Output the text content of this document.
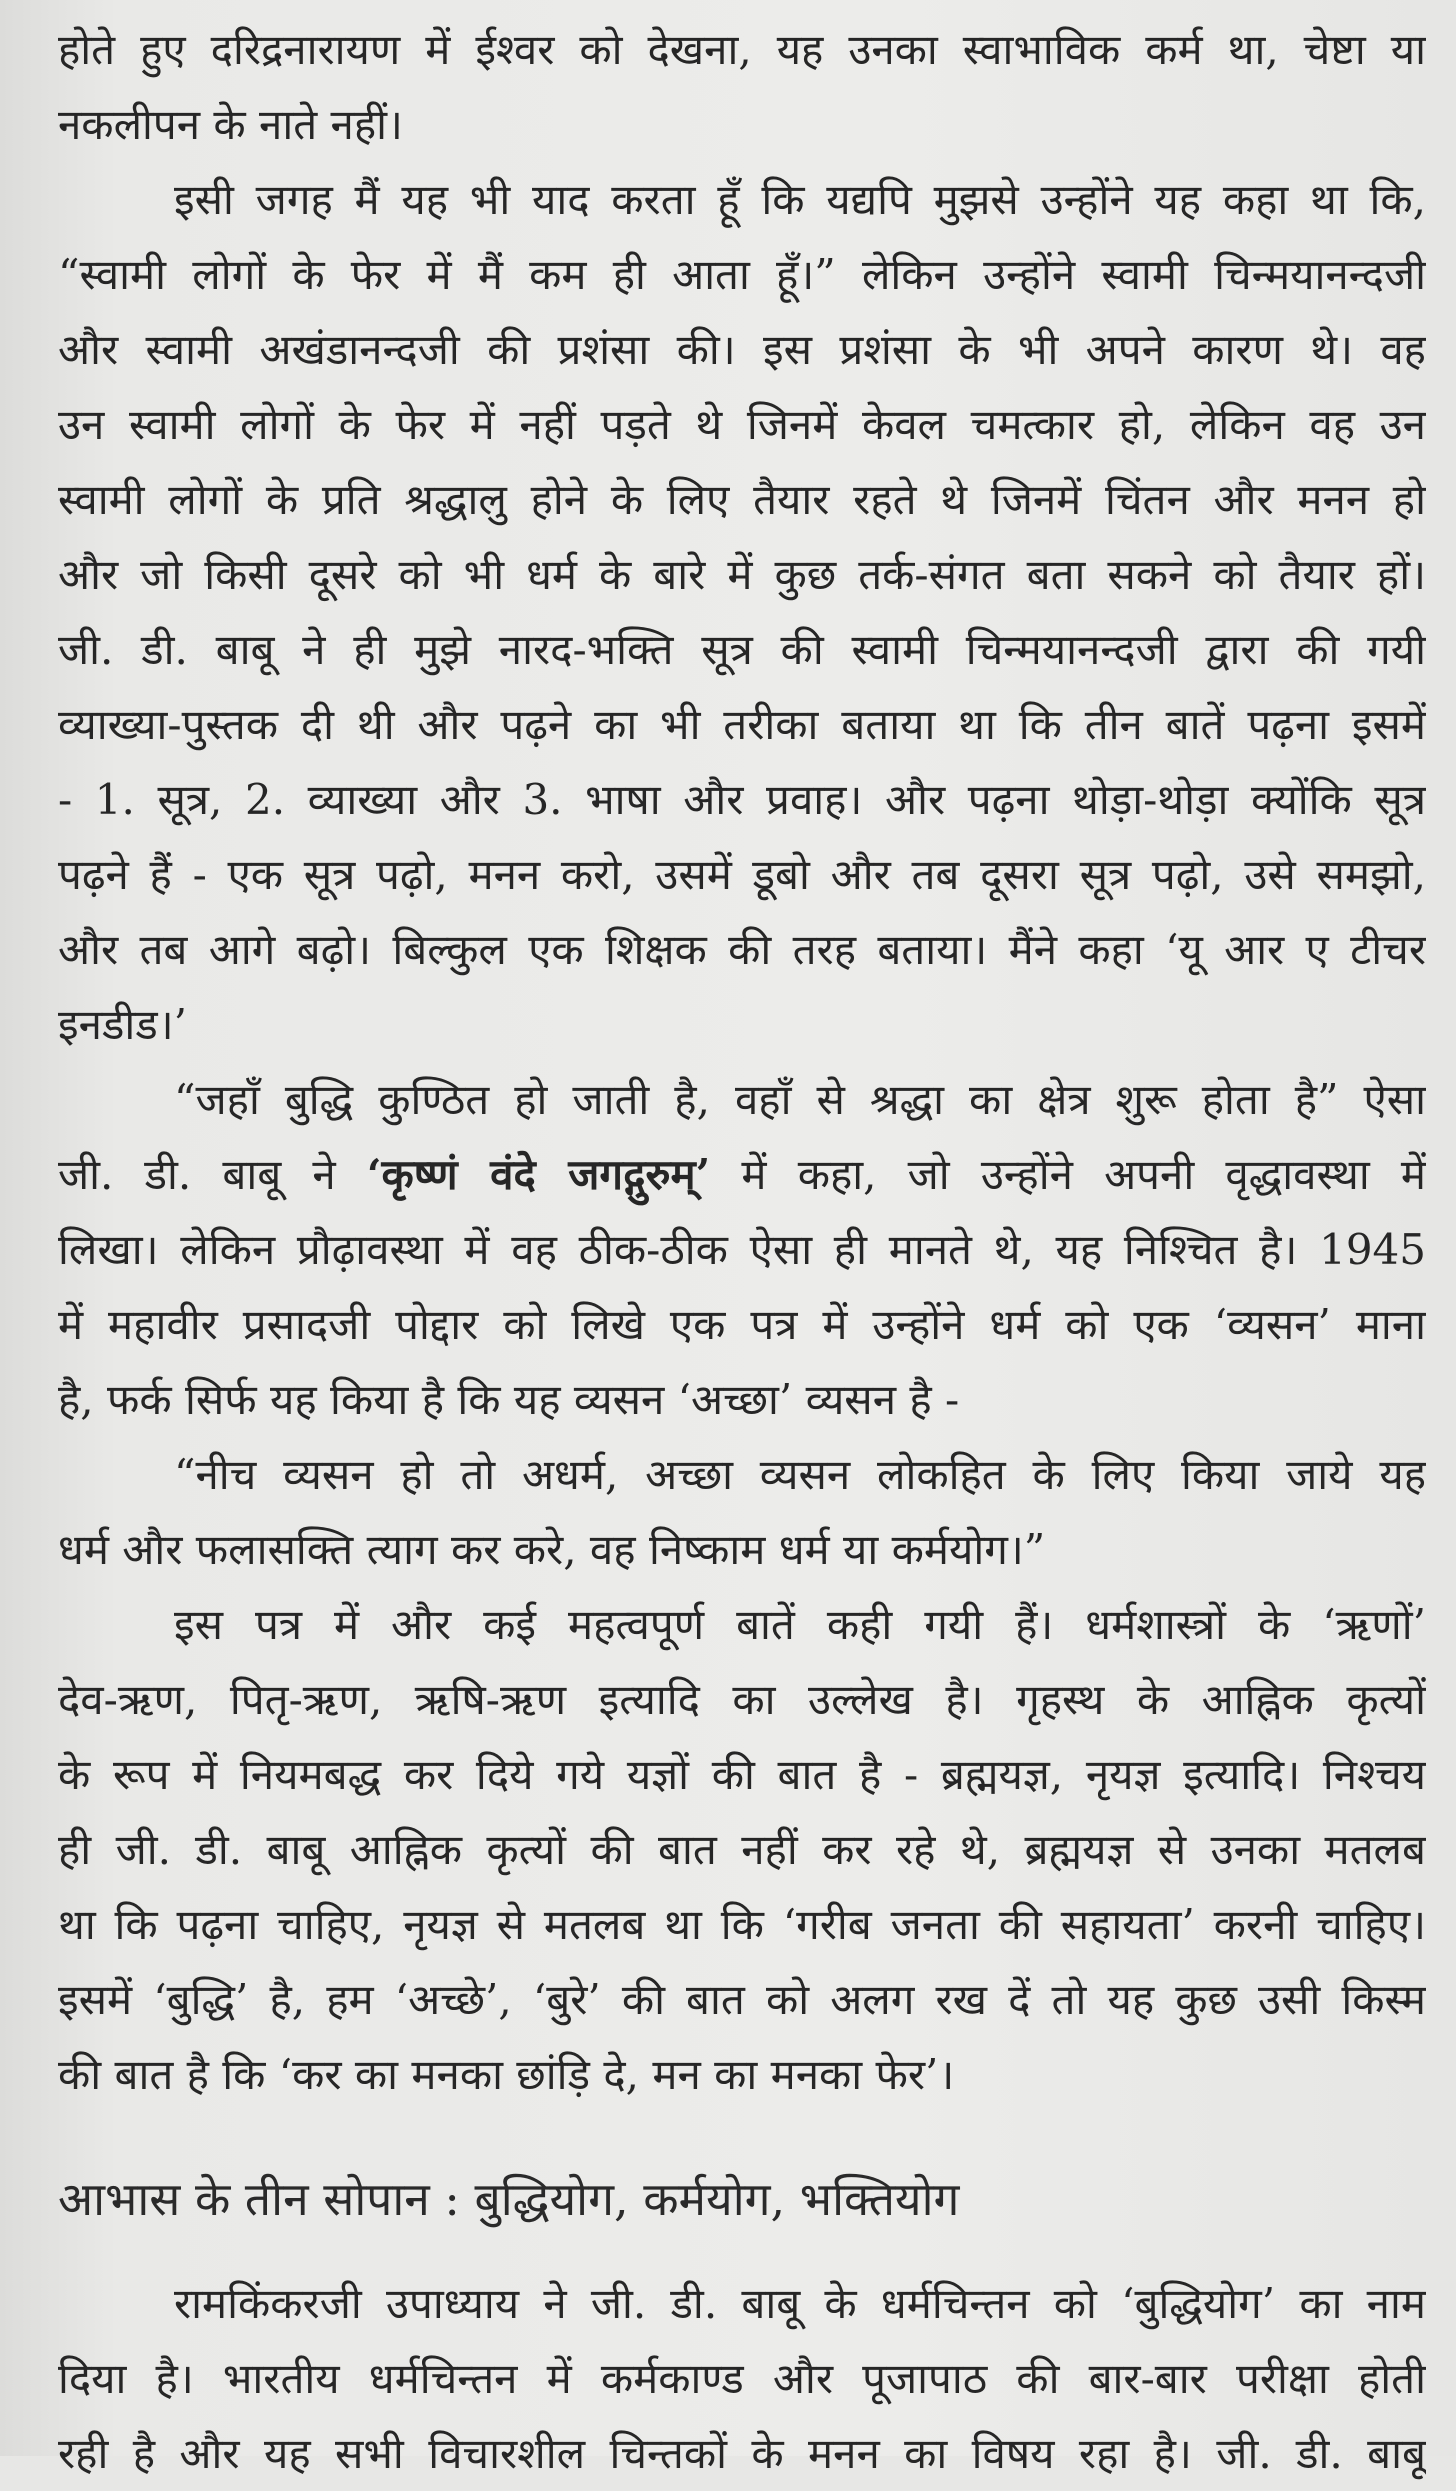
होते हुए दरिद्रनारायण में ईश्वर को देखना, यह उनका स्वाभाविक कर्म था, चेष्टा या
नकलीपन के नाते नहीं।
इसी जगह मैं यह भी याद करता हूँ कि यद्यपि मुझसे उन्होंने यह कहा था कि,
“स्वामी लोगों के फेर में मैं कम ही आता हूँ।” लेकिन उन्होंने स्वामी चिन्मयानन्दजी
और स्वामी अखंडानन्दजी की प्रशंसा की। इस प्रशंसा के भी अपने कारण थे। वह
उन स्वामी लोगों के फेर में नहीं पड़ते थे जिनमें केवल चमत्कार हो, लेकिन वह उन
स्वामी लोगों के प्रति श्रद्धालु होने के लिए तैयार रहते थे जिनमें चिंतन और मनन हो
और जो किसी दूसरे को भी धर्म के बारे में कुछ तर्क-संगत बता सकने को तैयार हों।
जी. डी. बाबू ने ही मुझे नारद-भक्ति सूत्र की स्वामी चिन्मयानन्दजी द्वारा की गयी
व्याख्या-पुस्तक दी थी और पढ़ने का भी तरीका बताया था कि तीन बातें पढ़ना इसमें
- 1. सूत्र, 2. व्याख्या और 3. भाषा और प्रवाह। और पढ़ना थोड़ा-थोड़ा क्योंकि सूत्र
पढ़ने हैं - एक सूत्र पढ़ो, मनन करो, उसमें डूबो और तब दूसरा सूत्र पढ़ो, उसे समझो,
और तब आगे बढ़ो। बिल्कुल एक शिक्षक की तरह बताया। मैंने कहा ‘यू आर ए टीचर
इनडीड।’
“जहाँ बुद्धि कुण्ठित हो जाती है, वहाँ से श्रद्धा का क्षेत्र शुरू होता है” ऐसा
जी. डी. बाबू ने ‘कृष्णं वंदे जगद्गुरुम्’ में कहा, जो उन्होंने अपनी वृद्धावस्था में
लिखा। लेकिन प्रौढ़ावस्था में वह ठीक-ठीक ऐसा ही मानते थे, यह निश्चित है। 1945
में महावीर प्रसादजी पोद्दार को लिखे एक पत्र में उन्होंने धर्म को एक ‘व्यसन’ माना
है, फर्क सिर्फ यह किया है कि यह व्यसन ‘अच्छा’ व्यसन है -
“नीच व्यसन हो तो अधर्म, अच्छा व्यसन लोकहित के लिए किया जाये यह
धर्म और फलासक्ति त्याग कर करे, वह निष्काम धर्म या कर्मयोग।”
इस पत्र में और कई महत्वपूर्ण बातें कही गयी हैं। धर्मशास्त्रों के ‘ऋणों’
देव-ऋण, पितृ-ऋण, ऋषि-ऋण इत्यादि का उल्लेख है। गृहस्थ के आह्निक कृत्यों
के रूप में नियमबद्ध कर दिये गये यज्ञों की बात है - ब्रह्मयज्ञ, नृयज्ञ इत्यादि। निश्चय
ही जी. डी. बाबू आह्निक कृत्यों की बात नहीं कर रहे थे, ब्रह्मयज्ञ से उनका मतलब
था कि पढ़ना चाहिए, नृयज्ञ से मतलब था कि ‘गरीब जनता की सहायता’ करनी चाहिए।
इसमें ‘बुद्धि’ है, हम ‘अच्छे’, ‘बुरे’ की बात को अलग रख दें तो यह कुछ उसी किस्म
की बात है कि ‘कर का मनका छांड़ि दे, मन का मनका फेर’।
आभास के तीन सोपान : बुद्धियोग, कर्मयोग, भक्तियोग
रामकिंकरजी उपाध्याय ने जी. डी. बाबू के धर्मचिन्तन को ‘बुद्धियोग’ का नाम
दिया है। भारतीय धर्मचिन्तन में कर्मकाण्ड और पूजापाठ की बार-बार परीक्षा होती
रही है और यह सभी विचारशील चिन्तकों के मनन का विषय रहा है। जी. डी. बाबू
